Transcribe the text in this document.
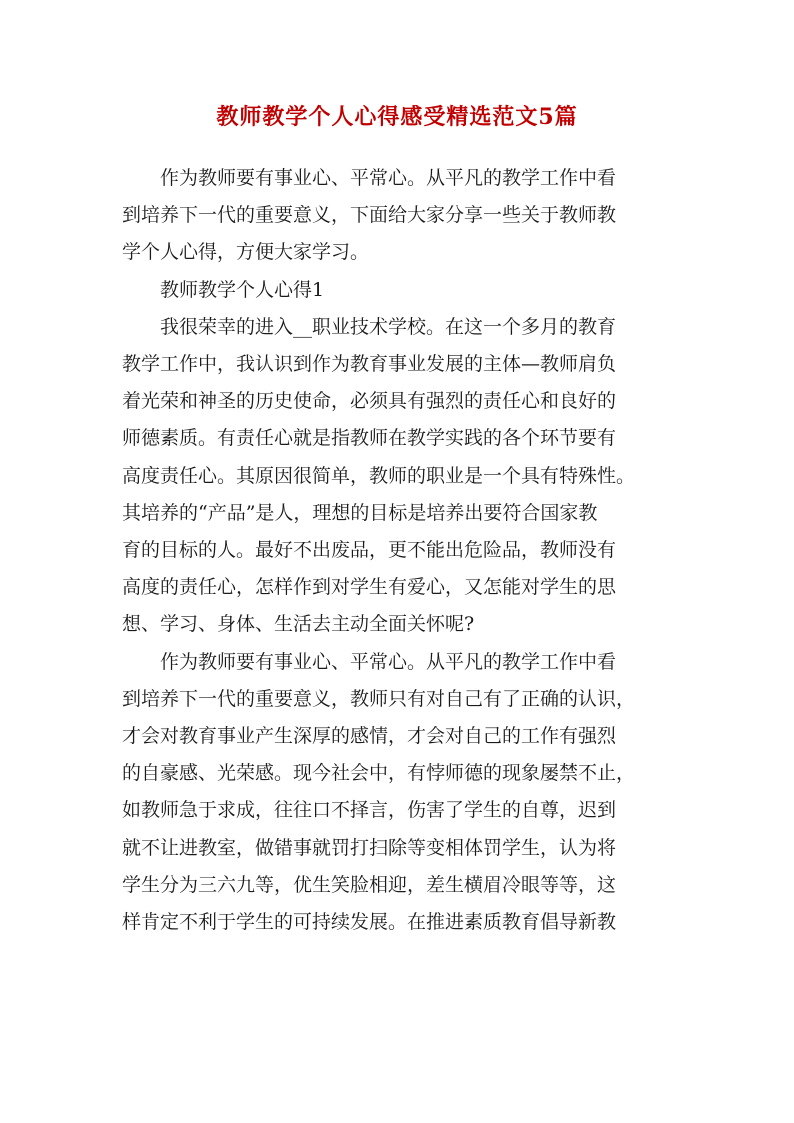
教师教学个人心得感受精选范文5篇
作为教师要有事业心、平常心。从平凡的教学工作中看
到培养下一代的重要意义，下面给大家分享一些关于教师教
学个人心得，方便大家学习。
教师教学个人心得1
我很荣幸的进入__职业技术学校。在这一个多月的教育
教学工作中，我认识到作为教育事业发展的主体—教师肩负
着光荣和神圣的历史使命，必须具有强烈的责任心和良好的
师德素质。有责任心就是指教师在教学实践的各个环节要有
高度责任心。其原因很简单，教师的职业是一个具有特殊性。
其培养的“产品”是人，理想的目标是培养出要符合国家教
育的目标的人。最好不出废品，更不能出危险品，教师没有
高度的责任心，怎样作到对学生有爱心，又怎能对学生的思
想、学习、身体、生活去主动全面关怀呢?
作为教师要有事业心、平常心。从平凡的教学工作中看
到培养下一代的重要意义，教师只有对自己有了正确的认识，
才会对教育事业产生深厚的感情，才会对自己的工作有强烈
的自豪感、光荣感。现今社会中，有悖师德的现象屡禁不止，
如教师急于求成，往往口不择言，伤害了学生的自尊，迟到
就不让进教室，做错事就罚打扫除等变相体罚学生，认为将
学生分为三六九等，优生笑脸相迎，差生横眉冷眼等等，这
样肯定不利于学生的可持续发展。在推进素质教育倡导新教
